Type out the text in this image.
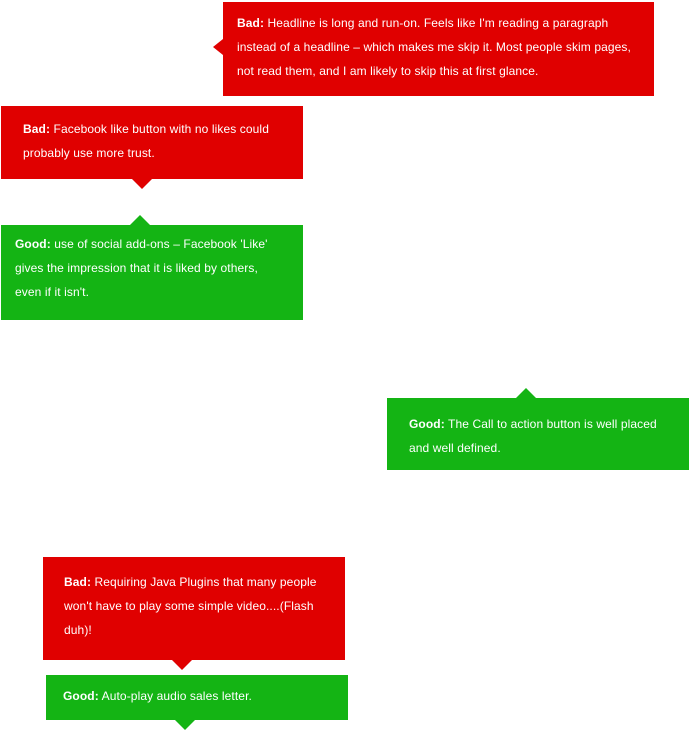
Bad: Headline is long and run-on. Feels like I'm reading a paragraph instead of a headline – which makes me skip it. Most people skim pages, not read them, and I am likely to skip this at first glance.
Bad: Facebook like button with no likes could probably use more trust.
Good: use of social add-ons – Facebook 'Like' gives the impression that it is liked by others, even if it isn't.
Good: The Call to action button is well placed and well defined.
Bad: Requiring Java Plugins that many people won't have to play some simple video....(Flash duh)!
Good: Auto-play audio sales letter.
